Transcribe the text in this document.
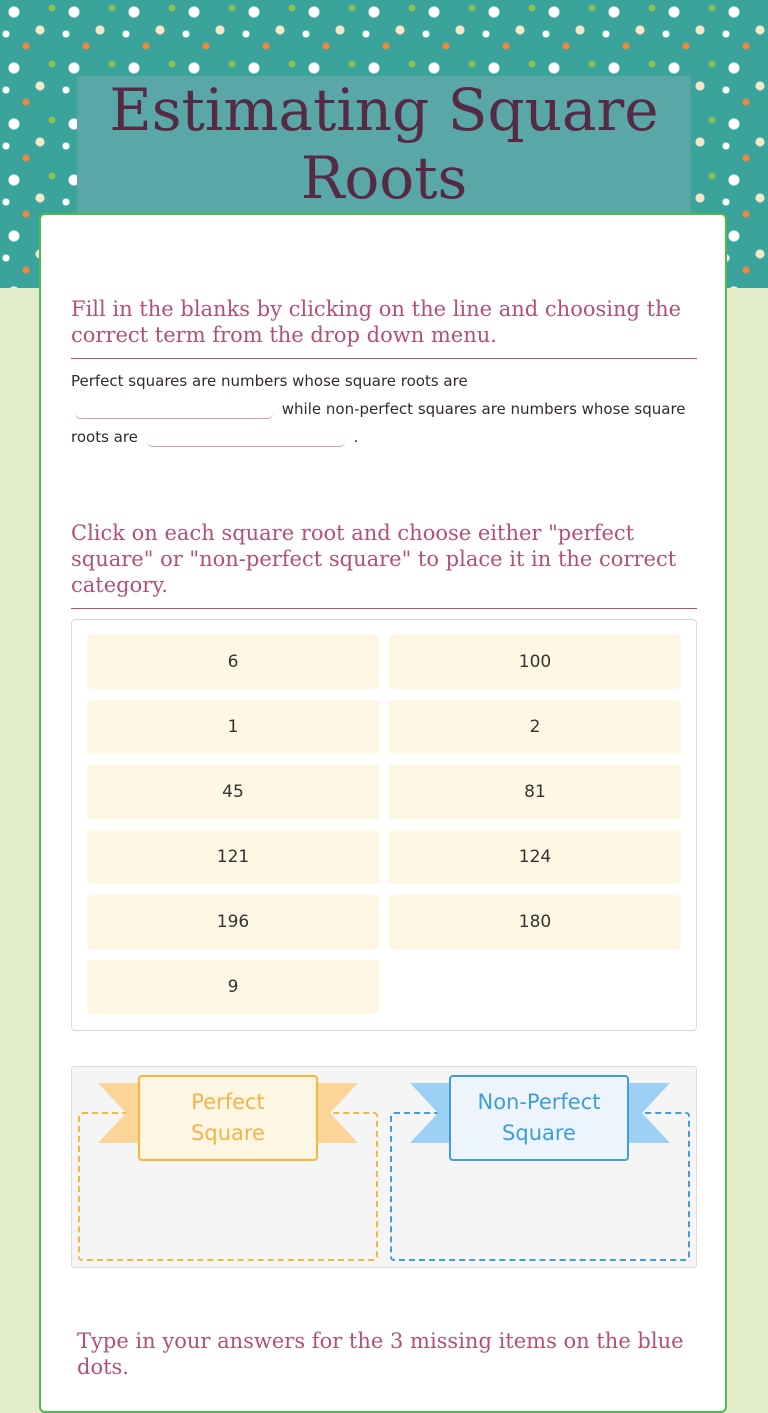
Estimating Square Roots
Fill in the blanks by clicking on the line and choosing the correct term from the drop down menu.
Perfect squares are numbers whose square roots are
while non-perfect squares are numbers whose square roots are	.
Click on each square root and choose either "perfect square" or "non-perfect square" to place it in the correct category.
6	100
1	2
45	81
121	124
196	180
9
Perfect Square
Non-Perfect Square
Type in your answers for the 3 missing items on the blue dots.
